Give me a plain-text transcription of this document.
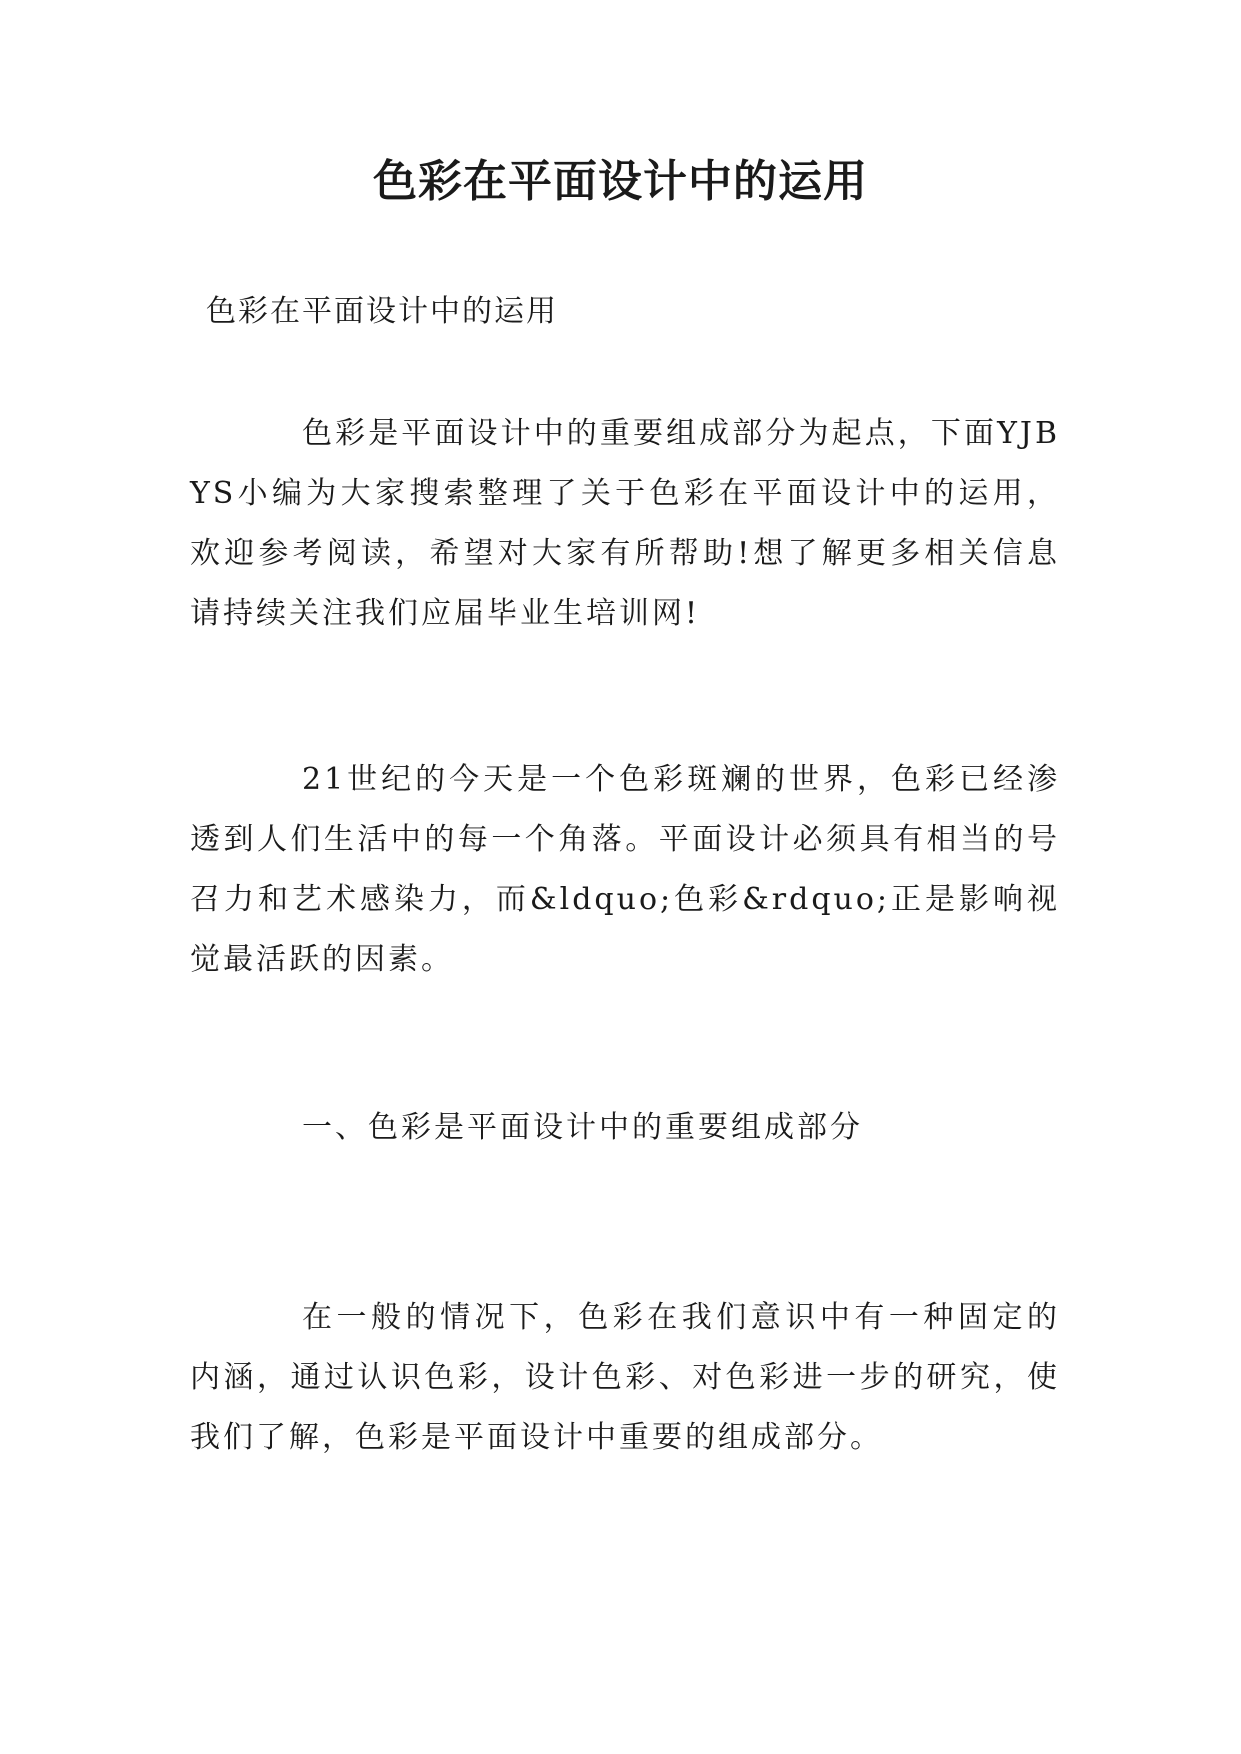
色彩在平面设计中的运用

色彩在平面设计中的运用

色彩是平面设计中的重要组成部分为起点，下面YJBYS小编为大家搜索整理了关于色彩在平面设计中的运用，欢迎参考阅读，希望对大家有所帮助!想了解更多相关信息请持续关注我们应届毕业生培训网!

21世纪的今天是一个色彩斑斓的世界，色彩已经渗透到人们生活中的每一个角落。平面设计必须具有相当的号召力和艺术感染力，而&ldquo;色彩&rdquo;正是影响视觉最活跃的因素。

一、色彩是平面设计中的重要组成部分

在一般的情况下，色彩在我们意识中有一种固定的内涵，通过认识色彩，设计色彩、对色彩进一步的研究，使我们了解，色彩是平面设计中重要的组成部分。
